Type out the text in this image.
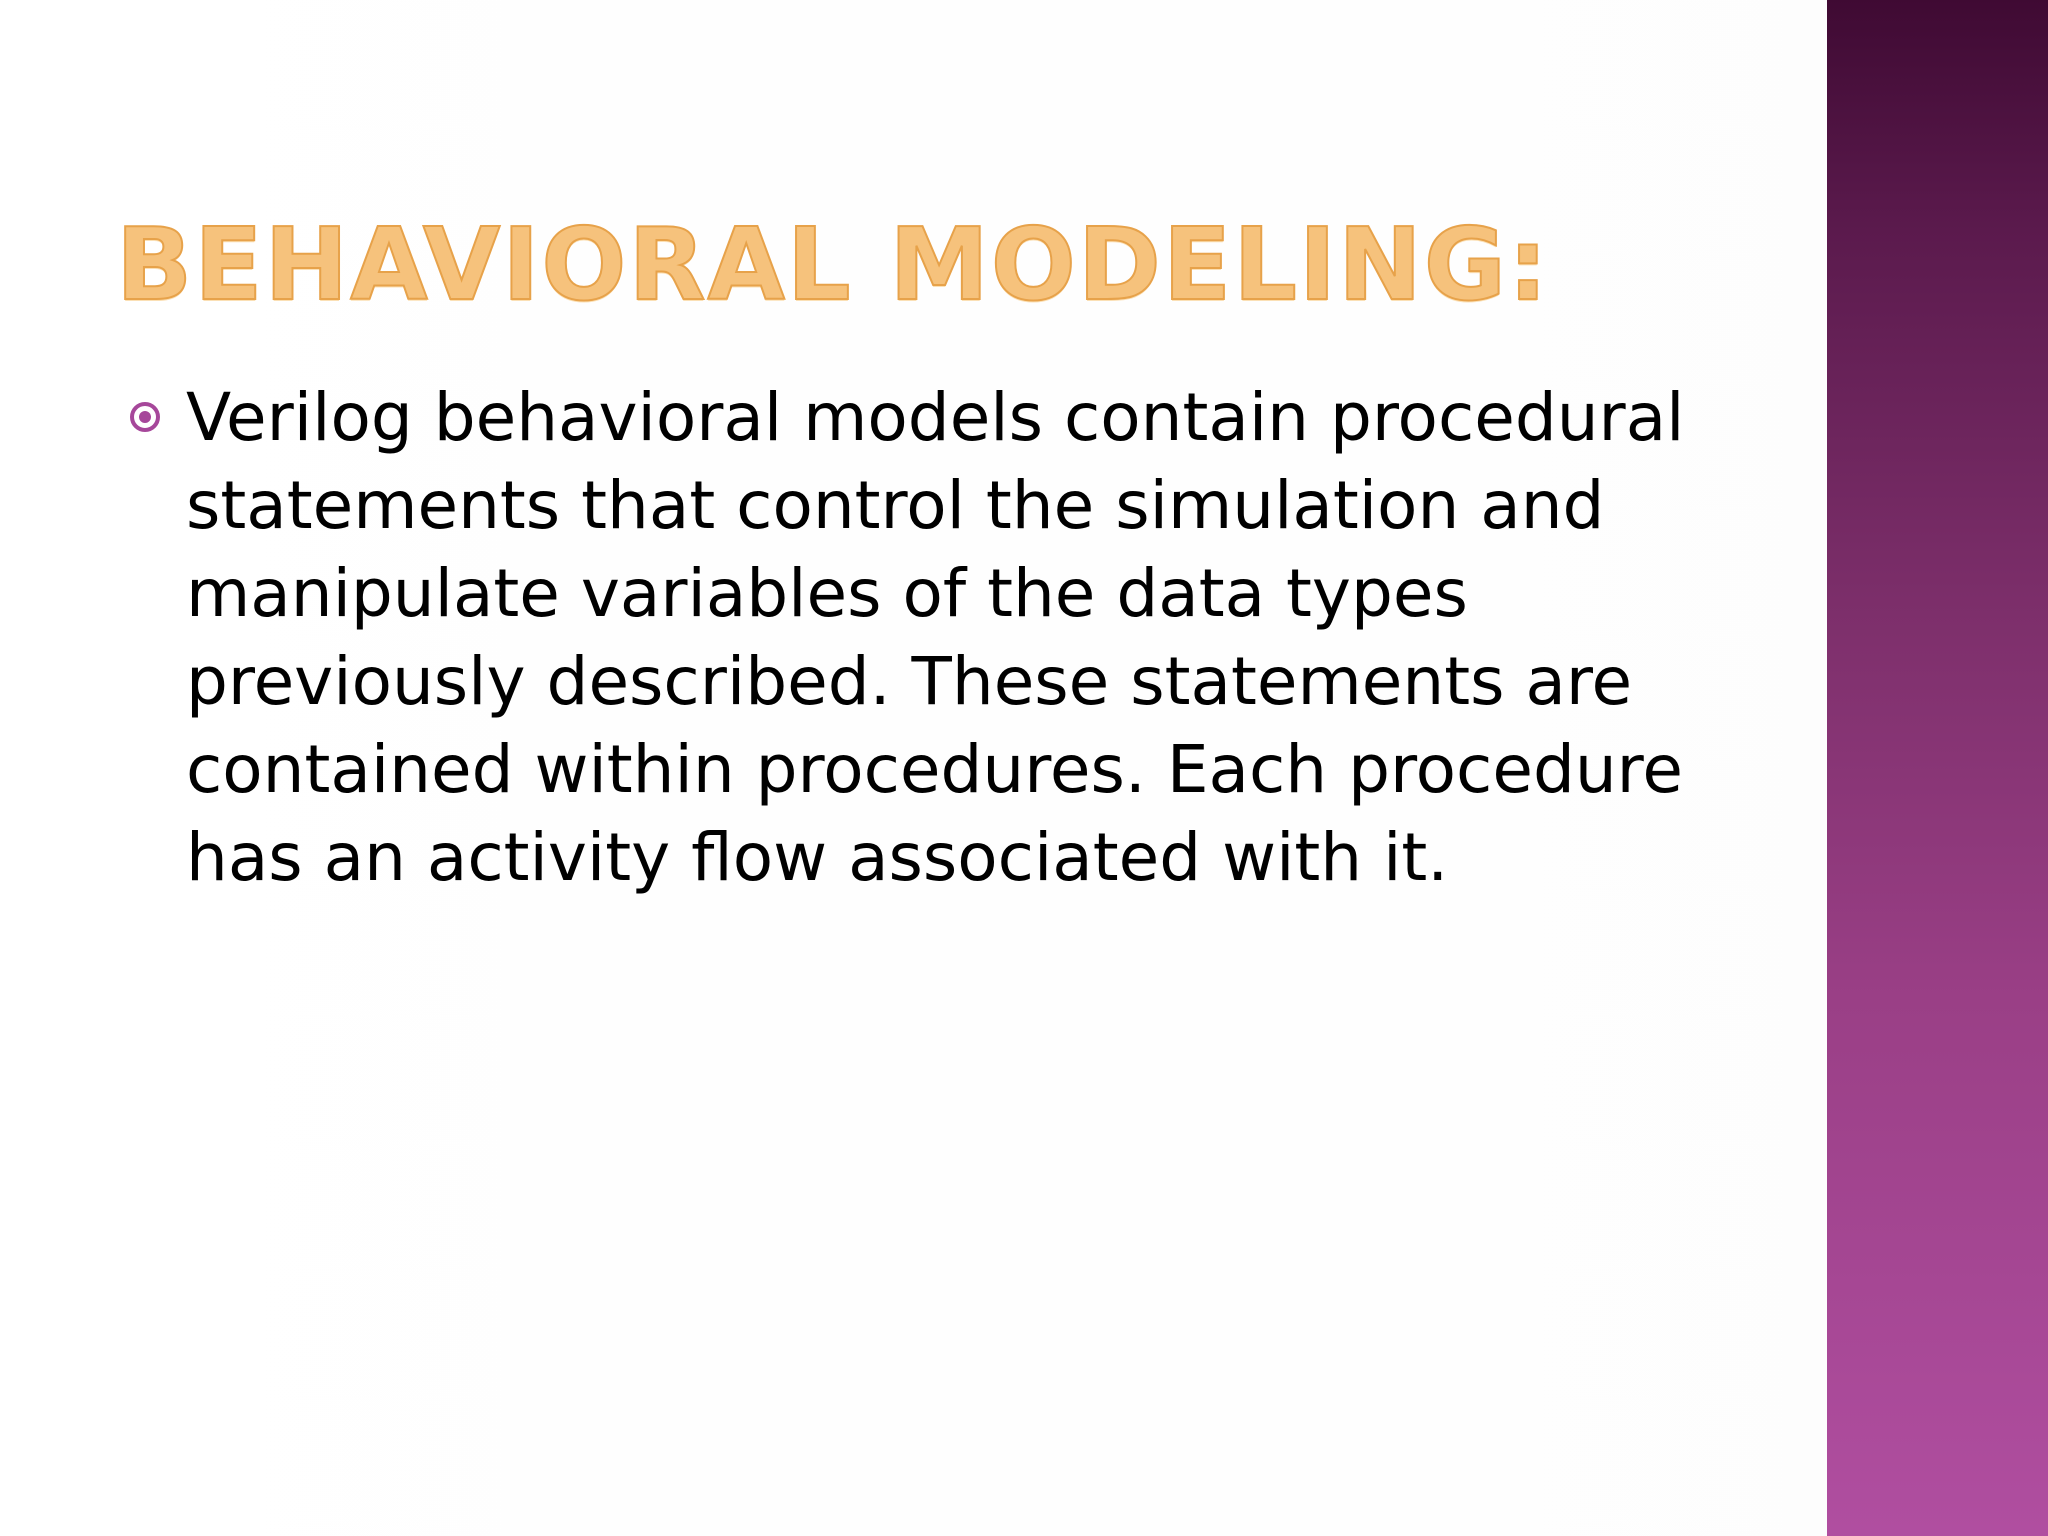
BEHAVIORAL MODELING:
Verilog behavioral models contain procedural
statements that control the simulation and
manipulate variables of the data types
previously described. These statements are
contained within procedures. Each procedure
has an activity flow associated with it.
